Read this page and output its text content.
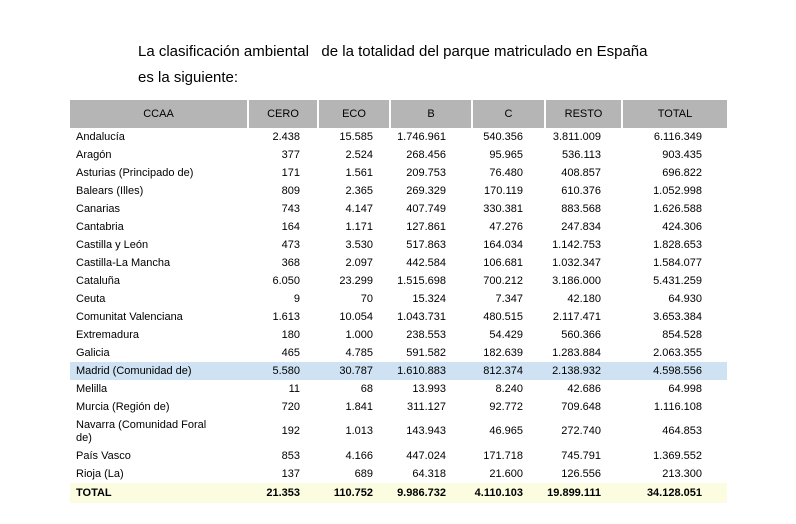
La clasificación ambiental   de la totalidad del parque matriculado en España
es la siguiente:

CCAA	CERO	ECO	B	C	RESTO	TOTAL
Andalucía	2.438	15.585	1.746.961	540.356	3.811.009	6.116.349
Aragón	377	2.524	268.456	95.965	536.113	903.435
Asturias (Principado de)	171	1.561	209.753	76.480	408.857	696.822
Balears (Illes)	809	2.365	269.329	170.119	610.376	1.052.998
Canarias	743	4.147	407.749	330.381	883.568	1.626.588
Cantabria	164	1.171	127.861	47.276	247.834	424.306
Castilla y León	473	3.530	517.863	164.034	1.142.753	1.828.653
Castilla-La Mancha	368	2.097	442.584	106.681	1.032.347	1.584.077
Cataluña	6.050	23.299	1.515.698	700.212	3.186.000	5.431.259
Ceuta	9	70	15.324	7.347	42.180	64.930
Comunitat Valenciana	1.613	10.054	1.043.731	480.515	2.117.471	3.653.384
Extremadura	180	1.000	238.553	54.429	560.366	854.528
Galicia	465	4.785	591.582	182.639	1.283.884	2.063.355
Madrid (Comunidad de)	5.580	30.787	1.610.883	812.374	2.138.932	4.598.556
Melilla	11	68	13.993	8.240	42.686	64.998
Murcia (Región de)	720	1.841	311.127	92.772	709.648	1.116.108
Navarra (Comunidad Foral de)	192	1.013	143.943	46.965	272.740	464.853
País Vasco	853	4.166	447.024	171.718	745.791	1.369.552
Rioja (La)	137	689	64.318	21.600	126.556	213.300
TOTAL	21.353	110.752	9.986.732	4.110.103	19.899.111	34.128.051
